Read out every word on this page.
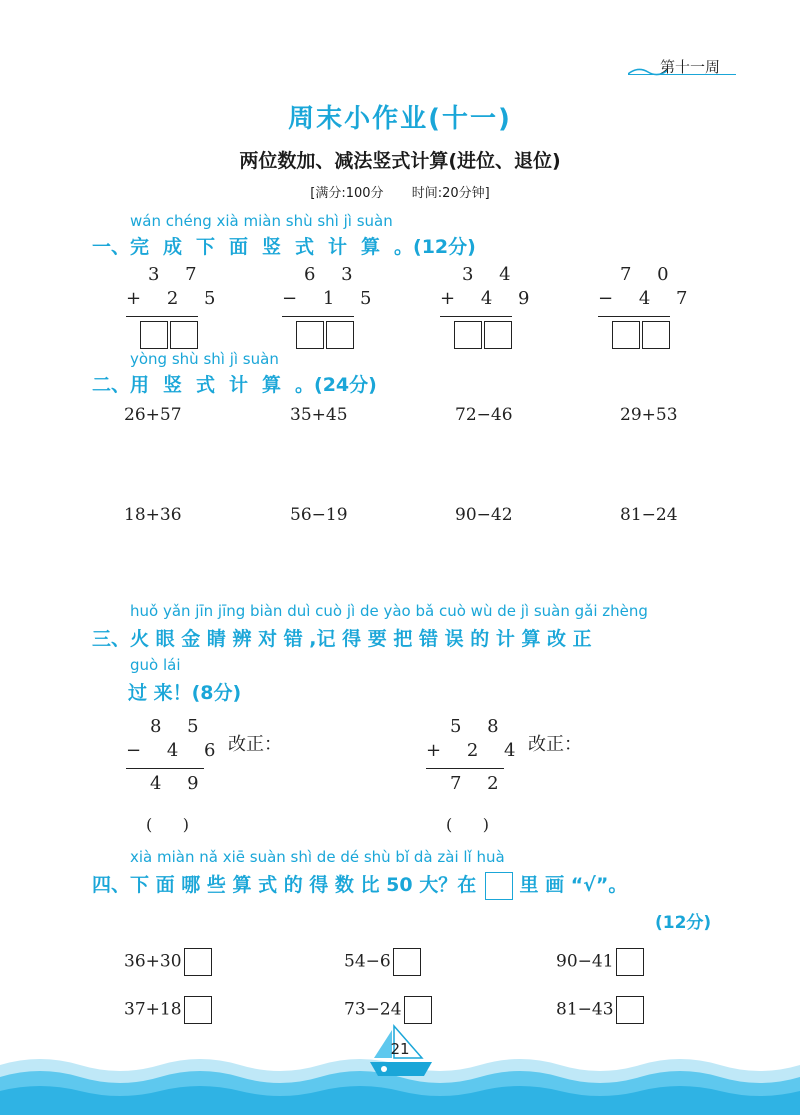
第十一周
周末小作业(十一)
两位数加、减法竖式计算(进位、退位)
[满分:100分 时间:20分钟]
wán chéng xià miàn shù shì jì suàn
一、完成下面竖式计算。(12分)
3 7
+ 2 5
6 3
− 1 5
3 4
+ 4 9
7 0
− 4 7
yòng shù shì jì suàn
二、用竖式计算。(24分)
26+57	35+45	72−46	29+53
18+36	56−19	90−42	81−24
huǒ yǎn jīn jīng biàn duì cuò jì de yào bǎ cuò wù de jì suàn gǎi zhèng
三、火 眼 金 睛 辨 对 错 ,记 得 要 把 错 误 的 计 算 改 正
guò lái
过 来！(8分)
8 5
− 4 6
4 9
改正：
(      )
5 8
+ 2 4
7 2
改正：
(      )
xià miàn nǎ xiē suàn shì de dé shù bǐ dà zài lǐ huà
四、下 面 哪 些 算 式 的 得 数 比 50 大？在 里 画 “√”。
(12分)
36+30	54−6	90−41
37+18	73−24	81−43
21
